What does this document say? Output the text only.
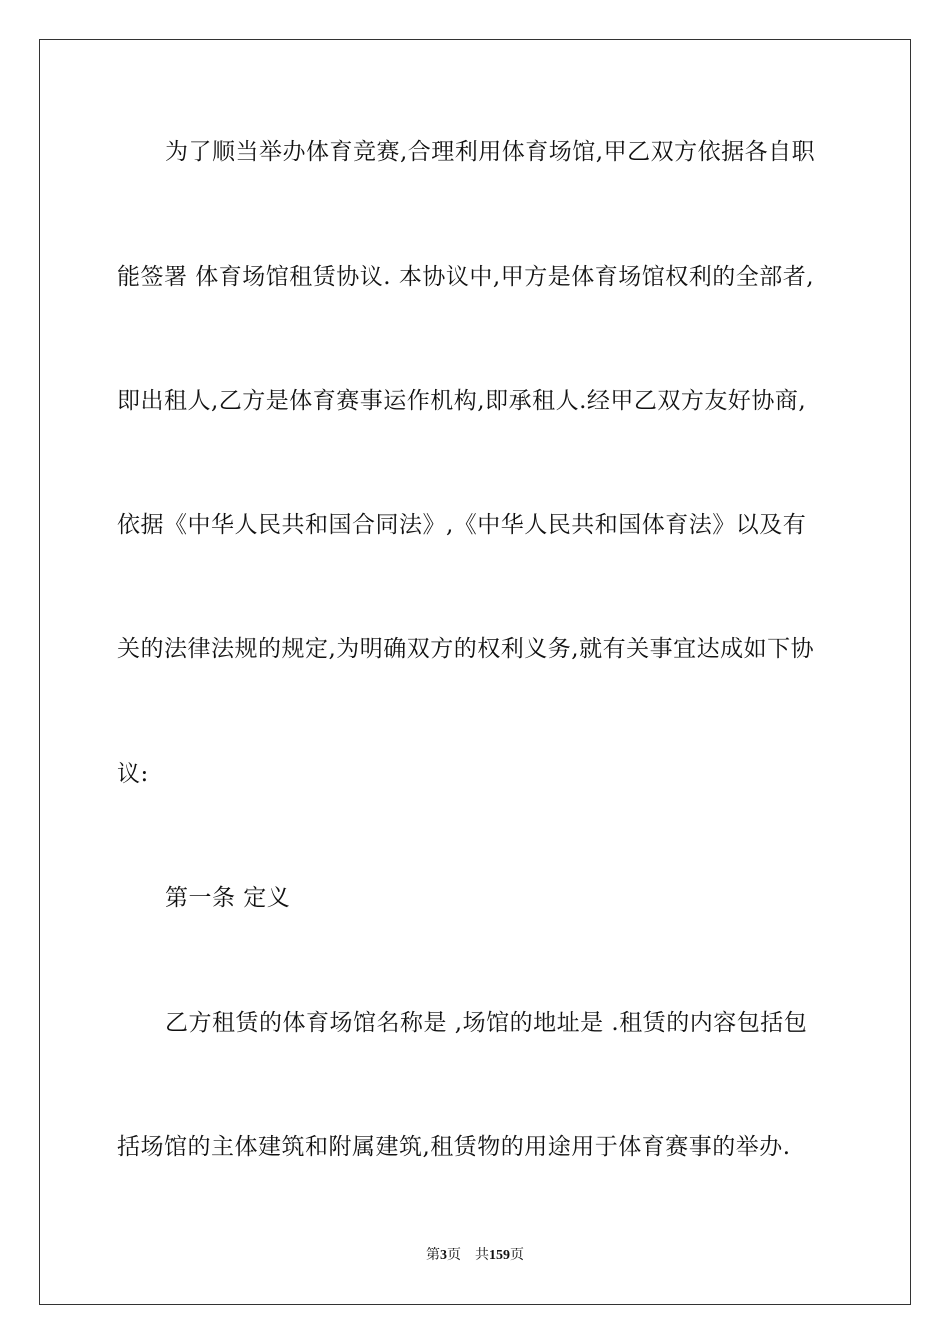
为了顺当举办体育竞赛,合理利用体育场馆,甲乙双方依据各自职
能签署 体育场馆租赁协议. 本协议中,甲方是体育场馆权利的全部者,
即出租人,乙方是体育赛事运作机构,即承租人.经甲乙双方友好协商,
依据《中华人民共和国合同法》,《中华人民共和国体育法》以及有
关的法律法规的规定,为明确双方的权利义务,就有关事宜达成如下协
议:
第一条 定义
乙方租赁的体育场馆名称是 ,场馆的地址是 .租赁的内容包括包
括场馆的主体建筑和附属建筑,租赁物的用途用于体育赛事的举办.
第3页 共159页
